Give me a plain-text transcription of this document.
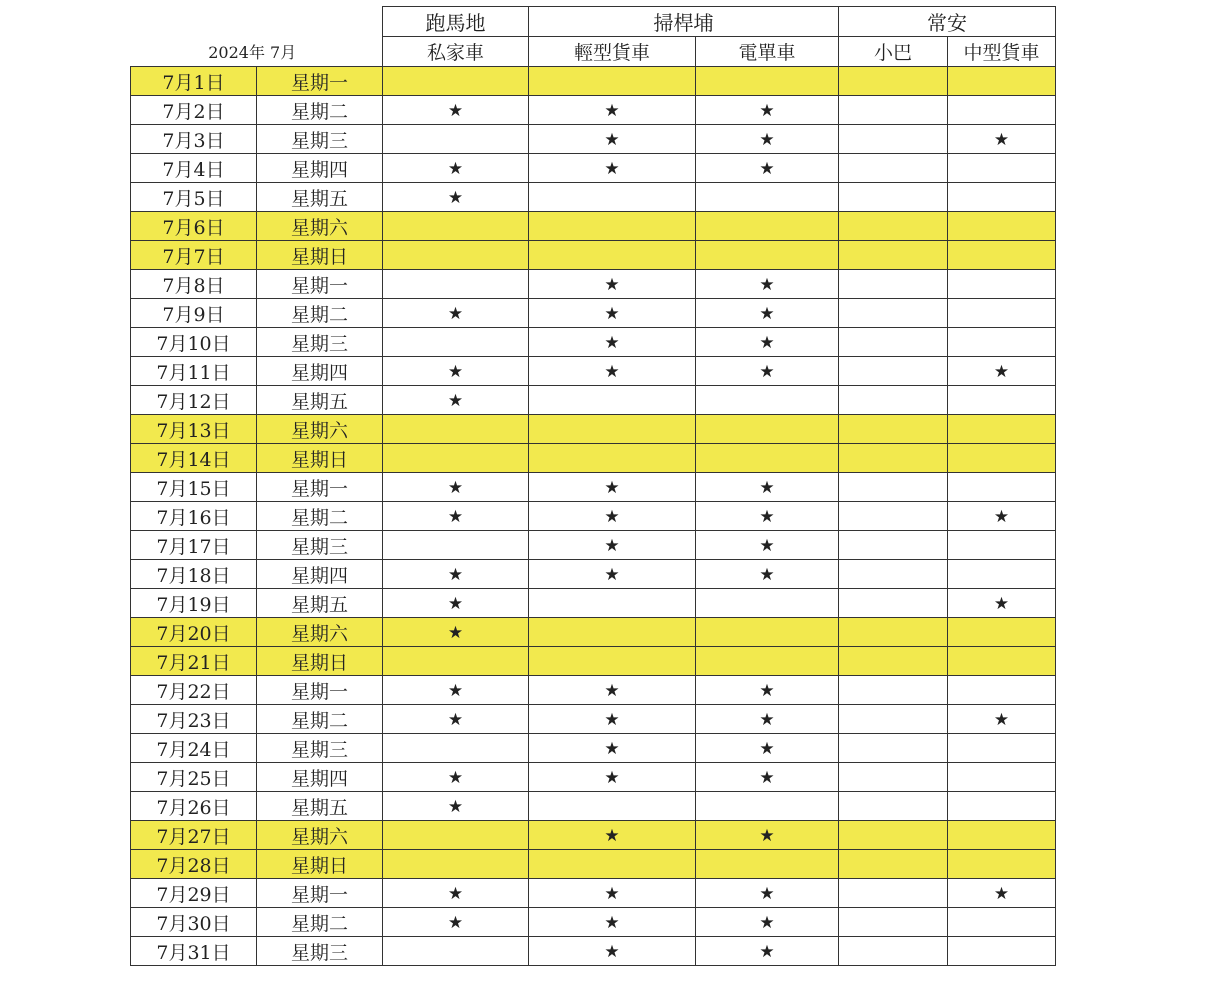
		跑馬地	掃桿埔		常安	
2024年 7月		私家車	輕型貨車	電單車	小巴	中型貨車
7月1日	星期一					
7月2日	星期二	★	★	★		
7月3日	星期三		★	★		★
7月4日	星期四	★	★	★		
7月5日	星期五	★				
7月6日	星期六					
7月7日	星期日					
7月8日	星期一		★	★		
7月9日	星期二	★	★	★		
7月10日	星期三		★	★		
7月11日	星期四	★	★	★		★
7月12日	星期五	★				
7月13日	星期六					
7月14日	星期日					
7月15日	星期一	★	★	★		
7月16日	星期二	★	★	★		★
7月17日	星期三		★	★		
7月18日	星期四	★	★	★		
7月19日	星期五	★				★
7月20日	星期六	★				
7月21日	星期日					
7月22日	星期一	★	★	★		
7月23日	星期二	★	★	★		★
7月24日	星期三		★	★		
7月25日	星期四	★	★	★		
7月26日	星期五	★				
7月27日	星期六		★	★		
7月28日	星期日					
7月29日	星期一	★	★	★		★
7月30日	星期二	★	★	★		
7月31日	星期三		★	★		
